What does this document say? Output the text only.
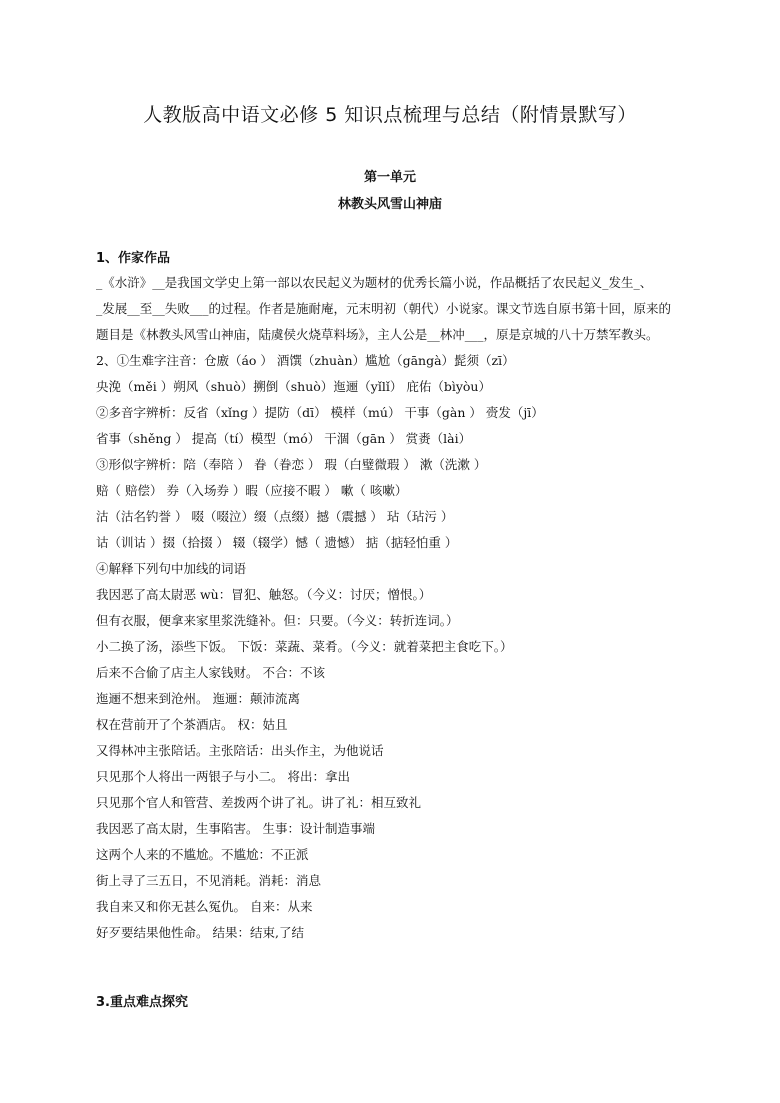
人教版高中语文必修 5 知识点梳理与总结（附情景默写）
第一单元
林教头风雪山神庙
1、作家作品
_《水浒》__是我国文学史上第一部以农民起义为题材的优秀长篇小说，作品概括了农民起义_发生_、
_发展__至__失败___的过程。作者是施耐庵，元末明初（朝代）小说家。课文节选自原书第十回，原来的
题目是《林教头风雪山神庙，陆虞侯火烧草料场》，主人公是__林冲___，原是京城的八十万禁军教头。
2、①生难字注音：仓廒（áo ） 酒馔（zhuàn）尴尬（gāngà）髭须（zī）
央浼（měi ）朔风（shuò）搠倒（shuò）迤逦（yǐlǐ） 庇佑（bìyòu）
②多音字辨析：反省（xǐng ）提防（dī） 模样（mú） 干事（gàn ） 赍发（jī）
省事（shěng ） 提高（tí）模型（mó） 干涸（gān ） 赏赉（lài）
③形似字辨析：陪（奉陪 ） 眷（眷恋 ） 瑕（白璧微瑕 ） 漱（洗漱 ）
赔（ 赔偿） 券（入场券 ）暇（应接不暇 ） 嗽（ 咳嗽）
沽（沽名钓誉 ） 啜（啜泣）缀（点缀）撼（震撼 ） 玷（玷污 ）
诂（训诂 ）掇（拾掇 ） 辍（辍学）憾（ 遗憾） 掂（掂轻怕重 ）
④解释下列句中加线的词语
我因恶了高太尉恶 wù：冒犯、触怒。（今义：讨厌；憎恨。）
但有衣服，便拿来家里浆洗缝补。但：只要。（今义：转折连词。）
小二换了汤，添些下饭。 下饭：菜蔬、菜肴。（今义：就着菜把主食吃下。）
后来不合偷了店主人家钱财。 不合：不该
迤逦不想来到沧州。 迤逦：颠沛流离
权在营前开了个茶酒店。 权：姑且
又得林冲主张陪话。主张陪话：出头作主，为他说话
只见那个人将出一两银子与小二。 将出：拿出
只见那个官人和管营、差拨两个讲了礼。讲了礼：相互致礼
我因恶了高太尉，生事陷害。 生事：设计制造事端
这两个人来的不尴尬。不尴尬：不正派
街上寻了三五日，不见消耗。消耗：消息
我自来又和你无甚么冤仇。 自来：从来
好歹要结果他性命。 结果：结束,了结
3.重点难点探究
